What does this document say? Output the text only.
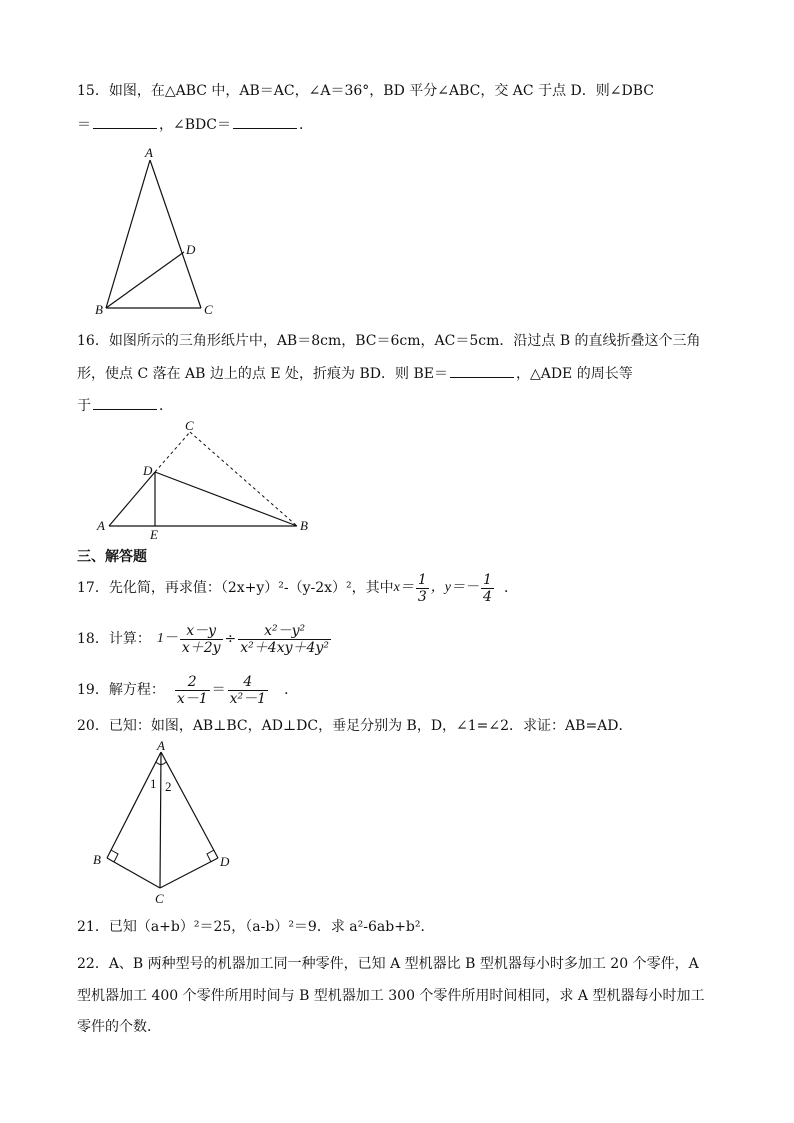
15．如图，在△ABC 中，AB＝AC，∠A＝36°，BD 平分∠ABC，交 AC 于点 D．则∠DBC
＝	，∠BDC＝	．
A
D
B	C
16．如图所示的三角形纸片中，AB＝8cm，BC＝6cm，AC＝5cm．沿过点 B 的直线折叠这个三角
形，使点 C 落在 AB 边上的点 E 处，折痕为 BD．则 BE＝	，△ADE 的周长等
于	．
C
D
A
E
B
三、解答题
17．先化简，再求值：（2x+y）²-（y-2x）²，其中 $x= \frac{1}{3}$ ，$y=- \frac{1}{4}$ ．
18．计算： $1- \frac{x-y}{x+2y} \div \frac{\text{x²－y²}}{\text{x²＋4xy＋4y²}}$
19．解方程： $\frac{2}{x-1} = \frac{4}{\text{x²－1}}$ ．
20．已知：如图，AB⊥BC，AD⊥DC，垂足分别为 B，D，∠1=∠2．求证：AB=AD．
A
1 2
B	D
C
21．已知（a+b）²＝25，（a-b）²＝9．求 a²-6ab+b²．
22．A、B 两种型号的机器加工同一种零件，已知 A 型机器比 B 型机器每小时多加工 20 个零件，A
型机器加工 400 个零件所用时间与 B 型机器加工 300 个零件所用时间相同，求 A 型机器每小时加工
零件的个数．
